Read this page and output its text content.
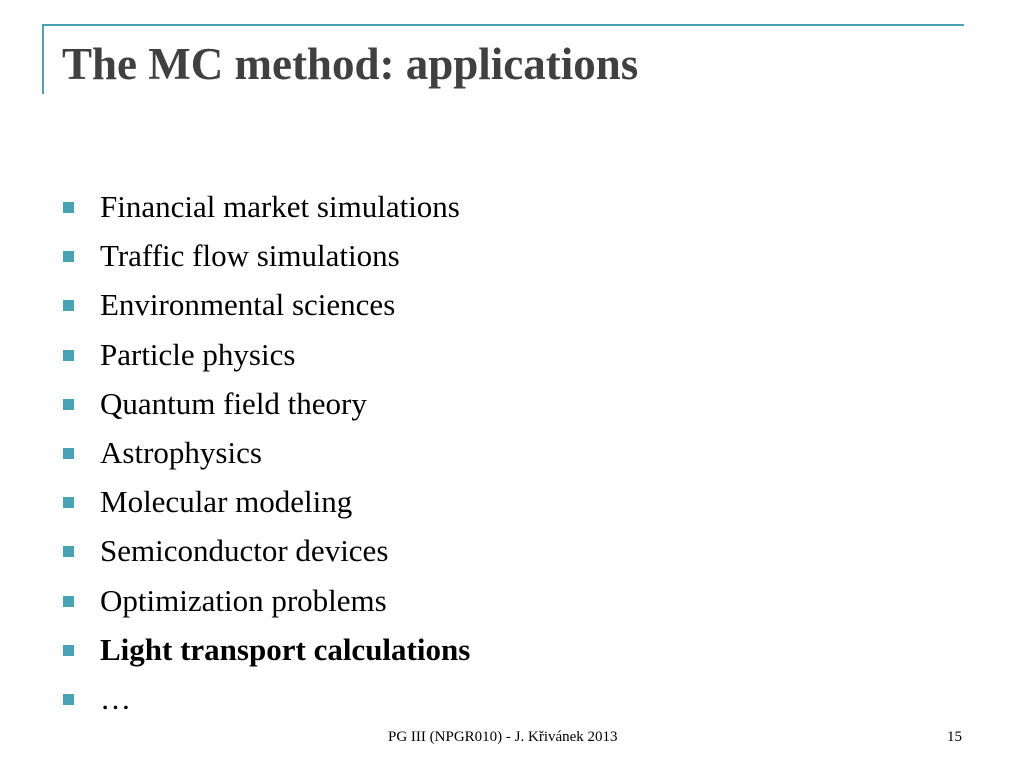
The MC method: applications
Financial market simulations
Traffic flow simulations
Environmental sciences
Particle physics
Quantum field theory
Astrophysics
Molecular modeling
Semiconductor devices
Optimization problems
Light transport calculations
…
PG III (NPGR010) - J. Křivánek 2013	15
